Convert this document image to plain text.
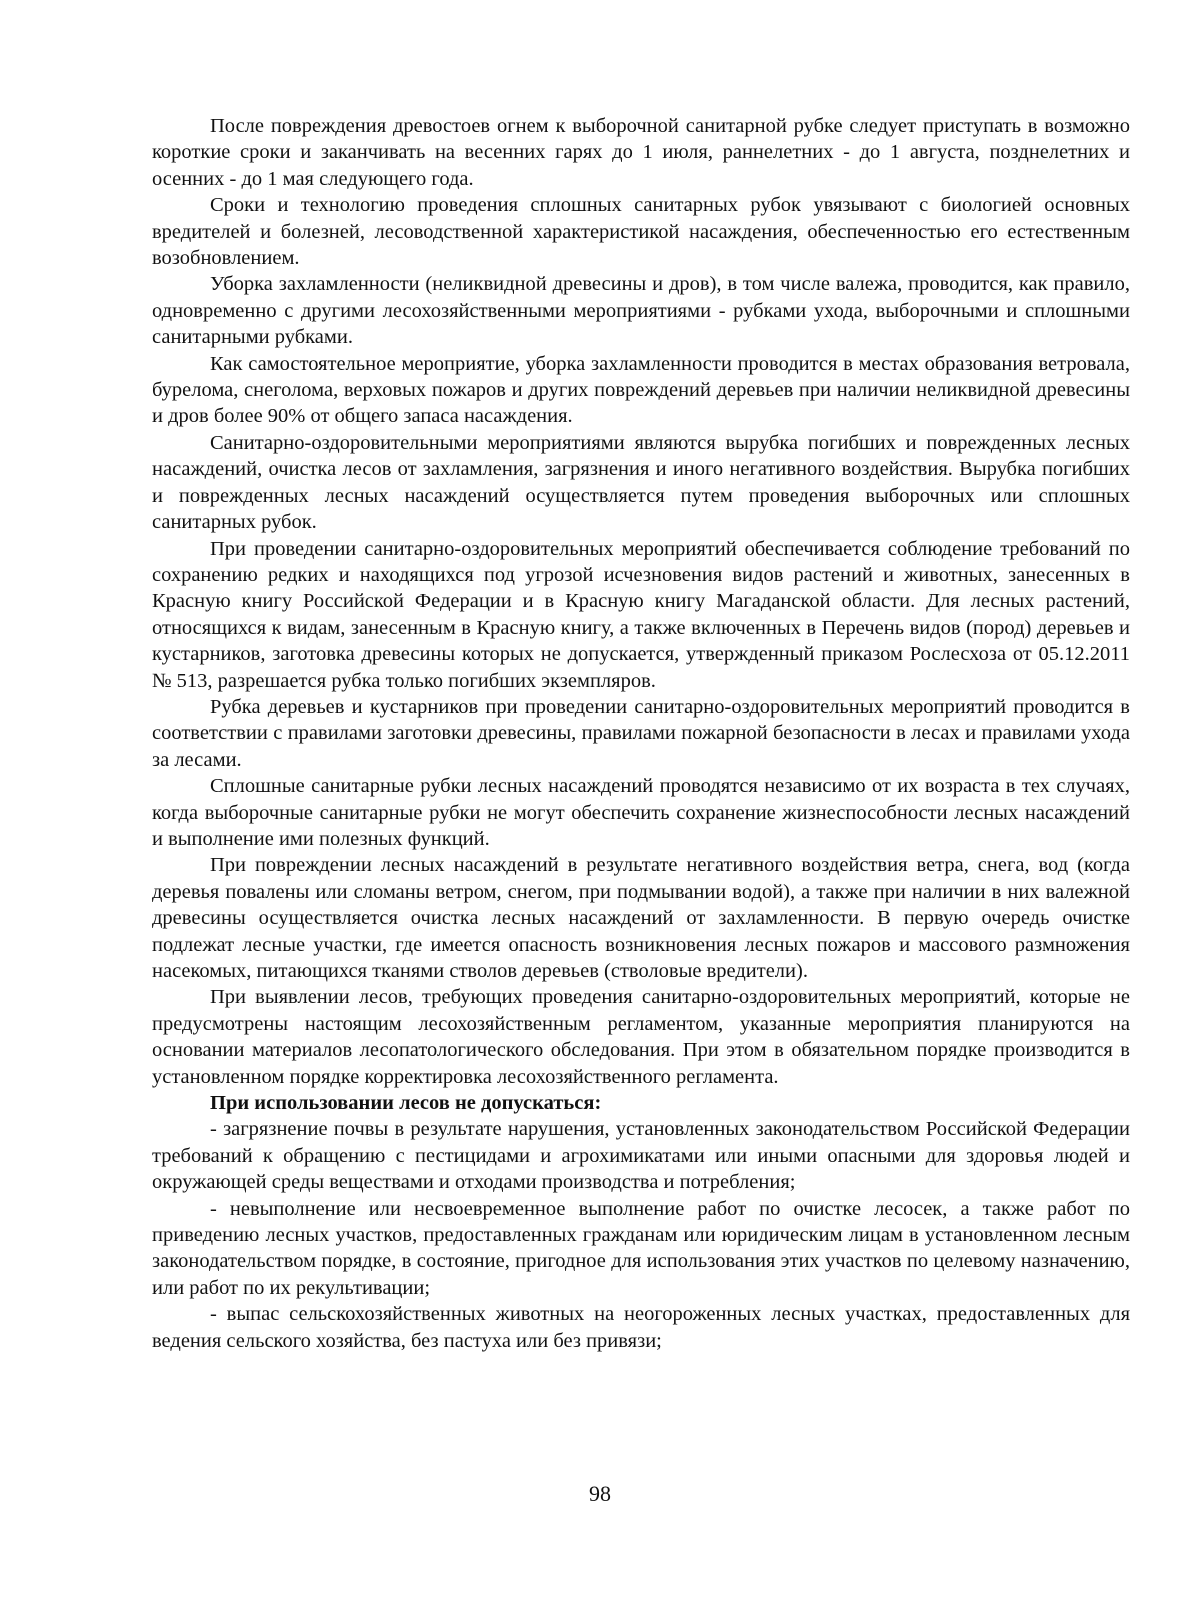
После повреждения древостоев огнем к выборочной санитарной рубке следует приступать в возможно короткие сроки и заканчивать на весенних гарях до 1 июля, раннелетних - до 1 августа, позднелетних и осенних - до 1 мая следующего года.

Сроки и технологию проведения сплошных санитарных рубок увязывают с биологией основных вредителей и болезней, лесоводственной характеристикой насаждения, обеспеченностью его естественным возобновлением.

Уборка захламленности (неликвидной древесины и дров), в том числе валежа, проводится, как правило, одновременно с другими лесохозяйственными мероприятиями - рубками ухода, выборочными и сплошными санитарными рубками.

Как самостоятельное мероприятие, уборка захламленности проводится в местах образования ветровала, бурелома, снеголома, верховых пожаров и других повреждений деревьев при наличии неликвидной древесины и дров более 90% от общего запаса насаждения.

Санитарно-оздоровительными мероприятиями являются вырубка погибших и поврежденных лесных насаждений, очистка лесов от захламления, загрязнения и иного негативного воздействия. Вырубка погибших и поврежденных лесных насаждений осуществляется путем проведения выборочных или сплошных санитарных рубок.

При проведении санитарно-оздоровительных мероприятий обеспечивается соблюдение требований по сохранению редких и находящихся под угрозой исчезновения видов растений и животных, занесенных в Красную книгу Российской Федерации и в Красную книгу Магаданской области. Для лесных растений, относящихся к видам, занесенным в Красную книгу, а также включенных в Перечень видов (пород) деревьев и кустарников, заготовка древесины которых не допускается, утвержденный приказом Рослесхоза от 05.12.2011 № 513, разрешается рубка только погибших экземпляров.

Рубка деревьев и кустарников при проведении санитарно-оздоровительных мероприятий проводится в соответствии с правилами заготовки древесины, правилами пожарной безопасности в лесах и правилами ухода за лесами.

Сплошные санитарные рубки лесных насаждений проводятся независимо от их возраста в тех случаях, когда выборочные санитарные рубки не могут обеспечить сохранение жизнеспособности лесных насаждений и выполнение ими полезных функций.

При повреждении лесных насаждений в результате негативного воздействия ветра, снега, вод (когда деревья повалены или сломаны ветром, снегом, при подмывании водой), а также при наличии в них валежной древесины осуществляется очистка лесных насаждений от захламленности. В первую очередь очистке подлежат лесные участки, где имеется опасность возникновения лесных пожаров и массового размножения насекомых, питающихся тканями стволов деревьев (стволовые вредители).

При выявлении лесов, требующих проведения санитарно-оздоровительных мероприятий, которые не предусмотрены настоящим лесохозяйственным регламентом, указанные мероприятия планируются на основании материалов лесопатологического обследования. При этом в обязательном порядке производится в установленном порядке корректировка лесохозяйственного регламента.

При использовании лесов не допускаться:

- загрязнение почвы в результате нарушения, установленных законодательством Российской Федерации требований к обращению с пестицидами и агрохимикатами или иными опасными для здоровья людей и окружающей среды веществами и отходами производства и потребления;

- невыполнение или несвоевременное выполнение работ по очистке лесосек, а также работ по приведению лесных участков, предоставленных гражданам или юридическим лицам в установленном лесным законодательством порядке, в состояние, пригодное для использования этих участков по целевому назначению, или работ по их рекультивации;

- выпас сельскохозяйственных животных на неогороженных лесных участках, предоставленных для ведения сельского хозяйства, без пастуха или без привязи;

98
